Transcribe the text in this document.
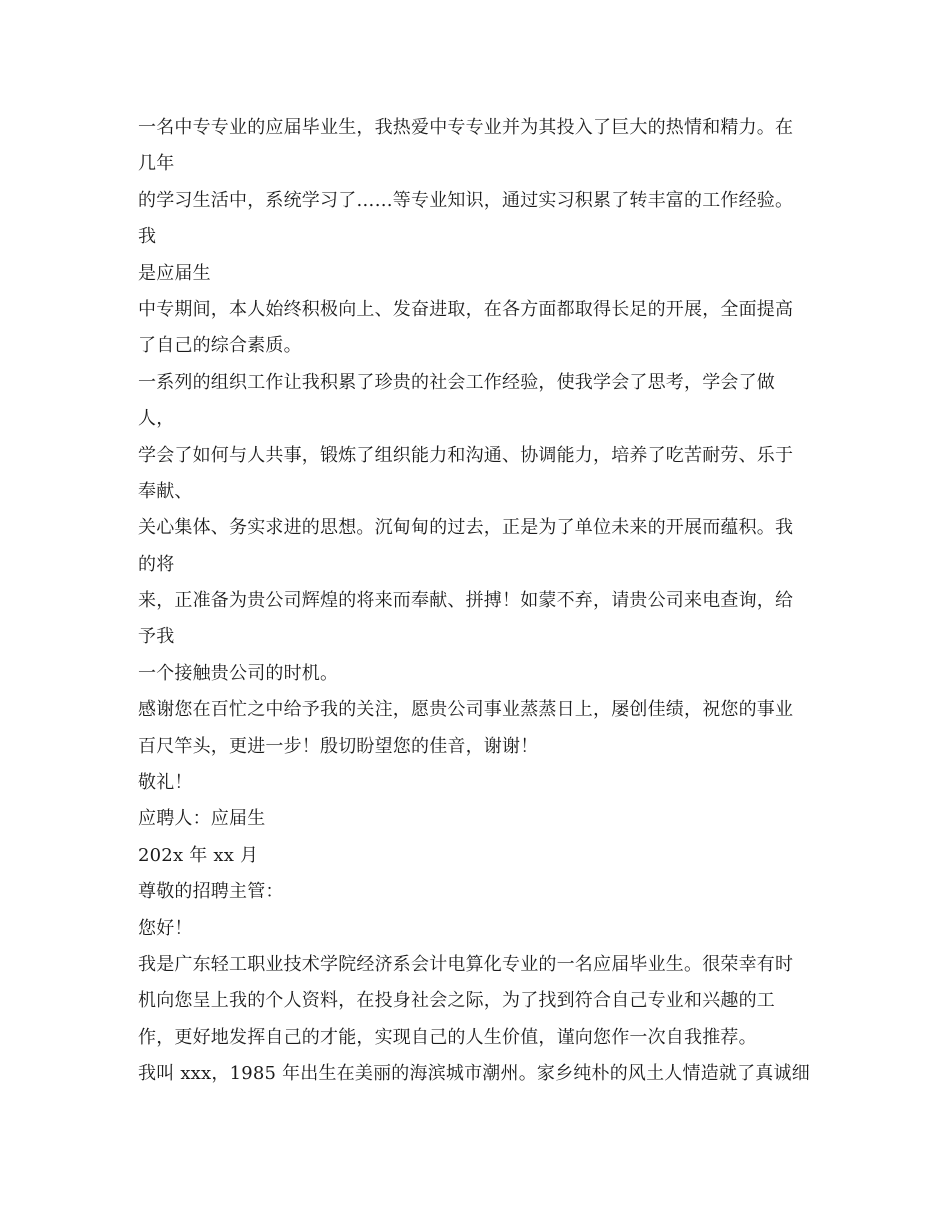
一名中专专业的应届毕业生，我热爱中专专业并为其投入了巨大的热情和精力。在
几年
的学习生活中，系统学习了……等专业知识，通过实习积累了转丰富的工作经验。
我
是应届生
中专期间，本人始终积极向上、发奋进取，在各方面都取得长足的开展，全面提高
了自己的综合素质。
一系列的组织工作让我积累了珍贵的社会工作经验，使我学会了思考，学会了做
人，
学会了如何与人共事，锻炼了组织能力和沟通、协调能力，培养了吃苦耐劳、乐于
奉献、
关心集体、务实求进的思想。沉甸甸的过去，正是为了单位未来的开展而蕴积。我
的将
来，正准备为贵公司辉煌的将来而奉献、拼搏！如蒙不弃，请贵公司来电查询，给
予我
一个接触贵公司的时机。
感谢您在百忙之中给予我的关注，愿贵公司事业蒸蒸日上，屡创佳绩，祝您的事业
百尺竿头，更进一步！殷切盼望您的佳音，谢谢！
敬礼！
应聘人：应届生
202x 年 xx 月
尊敬的招聘主管：
您好！
我是广东轻工职业技术学院经济系会计电算化专业的一名应届毕业生。很荣幸有时
机向您呈上我的个人资料，在投身社会之际，为了找到符合自己专业和兴趣的工
作，更好地发挥自己的才能，实现自己的人生价值，谨向您作一次自我推荐。
我叫 xxx，1985 年出生在美丽的海滨城市潮州。家乡纯朴的风土人情造就了真诚细
